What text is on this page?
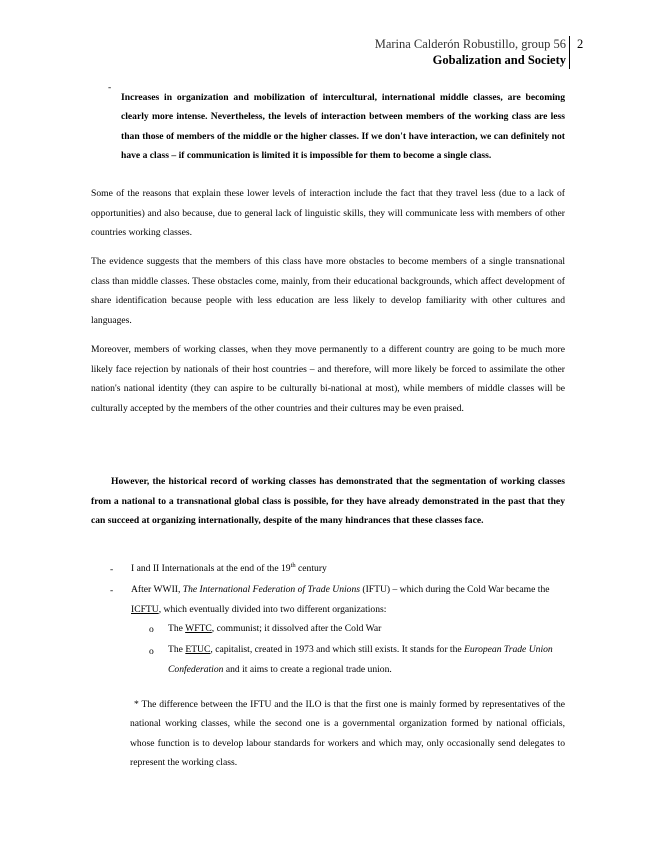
Marina Calderón Robustillo, group 56
Gobalization and Society
2
-

Increases in organization and mobilization of intercultural, international middle classes, are becoming clearly more intense. Nevertheless, the levels of interaction between members of the working class are less than those of members of the middle or the higher classes. If we don't have interaction, we can definitely not have a class – if communication is limited it is impossible for them to become a single class.

Some of the reasons that explain these lower levels of interaction include the fact that they travel less (due to a lack of opportunities) and also because, due to general lack of linguistic skills, they will communicate less with members of other countries working classes.

The evidence suggests that the members of this class have more obstacles to become members of a single transnational class than middle classes. These obstacles come, mainly, from their educational backgrounds, which affect development of share identification because people with less education are less likely to develop familiarity with other cultures and languages.

Moreover, members of working classes, when they move permanently to a different country are going to be much more likely face rejection by nationals of their host countries – and therefore, will more likely be forced to assimilate the other nation's national identity (they can aspire to be culturally bi-national at most), while members of middle classes will be culturally accepted by the members of the other countries and their cultures may be even praised.

However, the historical record of working classes has demonstrated that the segmentation of working classes from a national to a transnational global class is possible, for they have already demonstrated in the past that they can succeed at organizing internationally, despite of the many hindrances that these classes face.

- I and II Internationals at the end of the 19th century
- After WWII, The International Federation of Trade Unions (IFTU) – which during the Cold War became the ICFTU, which eventually divided into two different organizations:
o The WFTC, communist; it dissolved after the Cold War
o The ETUC, capitalist, created in 1973 and which still exists. It stands for the European Trade Union Confederation and it aims to create a regional trade union.

* The difference between the IFTU and the ILO is that the first one is mainly formed by representatives of the national working classes, while the second one is a governmental organization formed by national officials, whose function is to develop labour standards for workers and which may, only occasionally send delegates to represent the working class.
